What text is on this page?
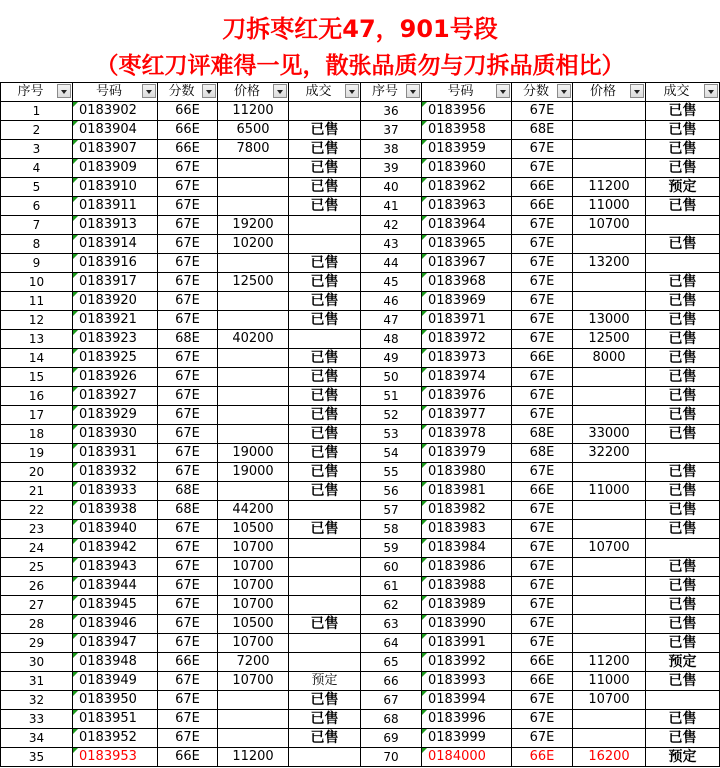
刀拆枣红无47，901号段
（枣红刀评难得一见，散张品质勿与刀拆品质相比）
序号	号码	分数	价格	成交	序号	号码	分数	价格	成交

1	0183902	66E	11200		36	0183956	67E		已售
2	0183904	66E	6500	已售	37	0183958	68E		已售
3	0183907	66E	7800	已售	38	0183959	67E		已售
4	0183909	67E		已售	39	0183960	67E		已售
5	0183910	67E		已售	40	0183962	66E	11200	预定
6	0183911	67E		已售	41	0183963	66E	11000	已售
7	0183913	67E	19200		42	0183964	67E	10700	
8	0183914	67E	10200		43	0183965	67E		已售
9	0183916	67E		已售	44	0183967	67E	13200	
10	0183917	67E	12500	已售	45	0183968	67E		已售
11	0183920	67E		已售	46	0183969	67E		已售
12	0183921	67E		已售	47	0183971	67E	13000	已售
13	0183923	68E	40200		48	0183972	67E	12500	已售
14	0183925	67E		已售	49	0183973	66E	8000	已售
15	0183926	67E		已售	50	0183974	67E		已售
16	0183927	67E		已售	51	0183976	67E		已售
17	0183929	67E		已售	52	0183977	67E		已售
18	0183930	67E		已售	53	0183978	68E	33000	已售
19	0183931	67E	19000	已售	54	0183979	68E	32200	
20	0183932	67E	19000	已售	55	0183980	67E		已售
21	0183933	68E		已售	56	0183981	66E	11000	已售
22	0183938	68E	44200		57	0183982	67E		已售
23	0183940	67E	10500	已售	58	0183983	67E		已售
24	0183942	67E	10700		59	0183984	67E	10700	
25	0183943	67E	10700		60	0183986	67E		已售
26	0183944	67E	10700		61	0183988	67E		已售
27	0183945	67E	10700		62	0183989	67E		已售
28	0183946	67E	10500	已售	63	0183990	67E		已售
29	0183947	67E	10700		64	0183991	67E		已售
30	0183948	66E	7200		65	0183992	66E	11200	预定
31	0183949	67E	10700	预定	66	0183993	66E	11000	已售
32	0183950	67E		已售	67	0183994	67E	10700	
33	0183951	67E		已售	68	0183996	67E		已售
34	0183952	67E		已售	69	0183999	67E		已售
35	0183953	66E	11200		70	0184000	66E	16200	预定
